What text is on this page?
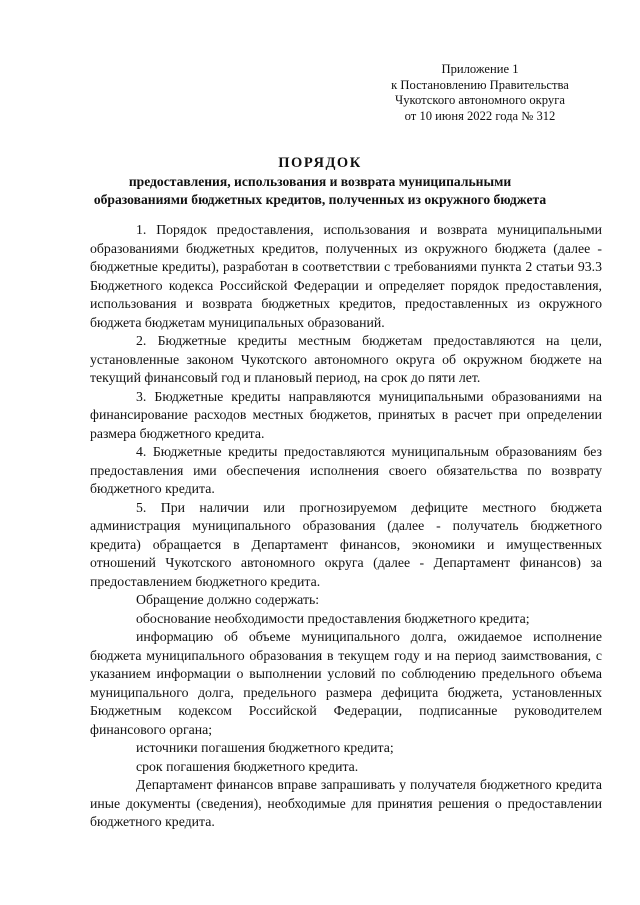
Приложение 1
к Постановлению Правительства
Чукотского автономного округа
от 10 июня 2022 года № 312
ПОРЯДОК
предоставления, использования и возврата муниципальными
образованиями бюджетных кредитов, полученных из окружного бюджета

1. Порядок предоставления, использования и возврата муниципальными образованиями бюджетных кредитов, полученных из окружного бюджета (далее - бюджетные кредиты), разработан в соответствии с требованиями пункта 2 статьи 93.3 Бюджетного кодекса Российской Федерации и определяет порядок предоставления, использования и возврата бюджетных кредитов, предоставленных из окружного бюджета бюджетам муниципальных образований.

2. Бюджетные кредиты местным бюджетам предоставляются на цели, установленные законом Чукотского автономного округа об окружном бюджете на текущий финансовый год и плановый период, на срок до пяти лет.

3. Бюджетные кредиты направляются муниципальными образованиями на финансирование расходов местных бюджетов, принятых в расчет при определении размера бюджетного кредита.

4. Бюджетные кредиты предоставляются муниципальным образованиям без предоставления ими обеспечения исполнения своего обязательства по возврату бюджетного кредита.

5. При наличии или прогнозируемом дефиците местного бюджета администрация муниципального образования (далее - получатель бюджетного кредита) обращается в Департамент финансов, экономики и имущественных отношений Чукотского автономного округа (далее - Департамент финансов) за предоставлением бюджетного кредита.

Обращение должно содержать:

обоснование необходимости предоставления бюджетного кредита;

информацию об объеме муниципального долга, ожидаемое исполнение бюджета муниципального образования в текущем году и на период заимствования, с указанием информации о выполнении условий по соблюдению предельного объема муниципального долга, предельного размера дефицита бюджета, установленных Бюджетным кодексом Российской Федерации, подписанные руководителем финансового органа;

источники погашения бюджетного кредита;

срок погашения бюджетного кредита.

Департамент финансов вправе запрашивать у получателя бюджетного кредита иные документы (сведения), необходимые для принятия решения о предоставлении бюджетного кредита.
